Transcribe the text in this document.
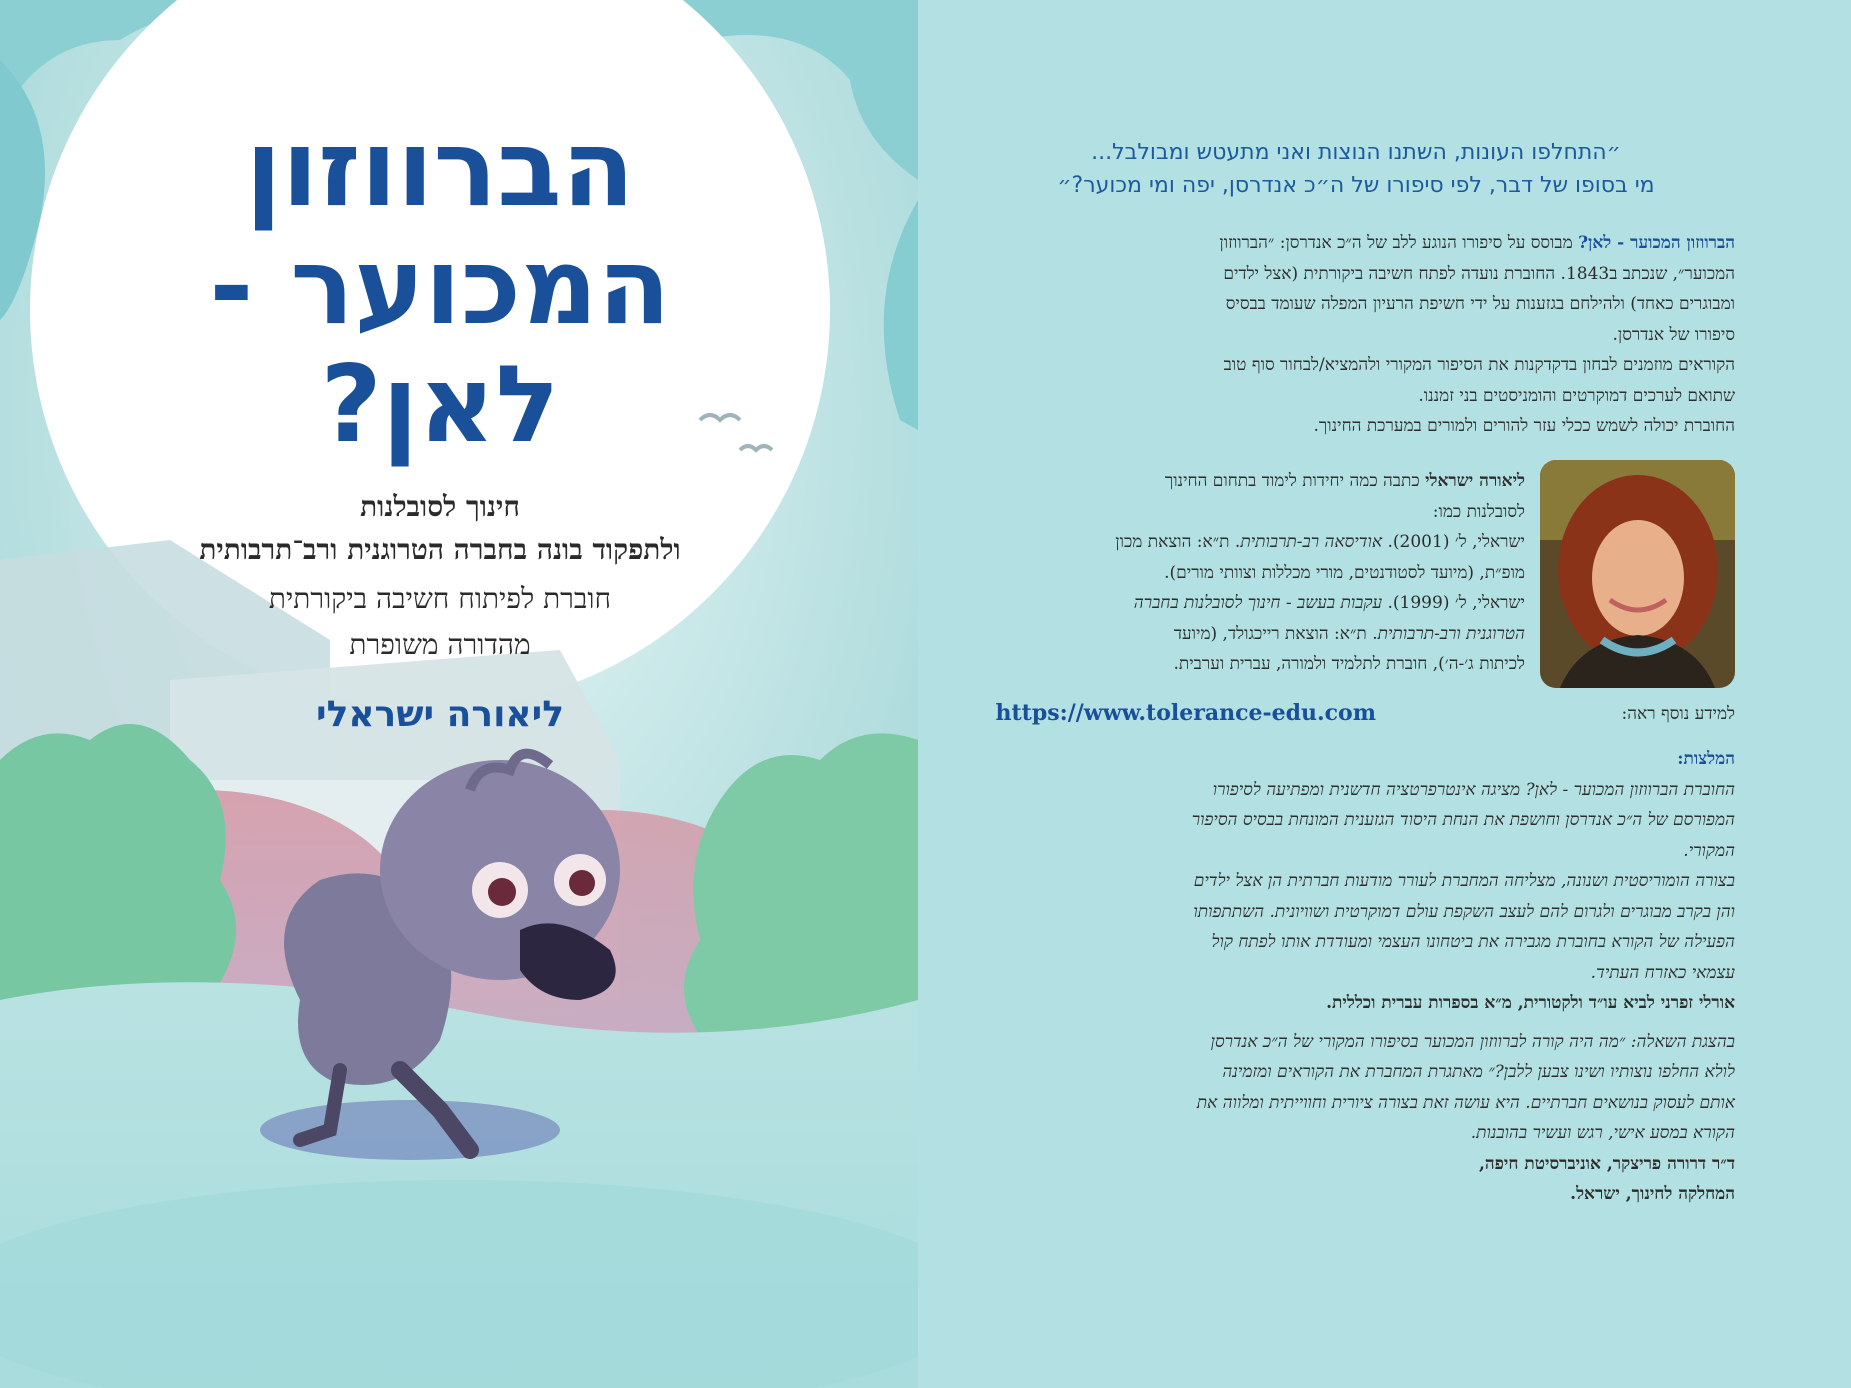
הברווזון
המכוער -
לאן?
חינוך לסובלנות
ולתפקוד בונה בחברה הטרוגנית ורב־תרבותית
חוברת לפיתוח חשיבה ביקורתית
מהדורה משופרת
ליאורה ישראלי
״התחלפו העונות, השתנו הנוצות ואני מתעטש ומבולבל...
מי בסופו של דבר, לפי סיפורו של ה״כ אנדרסן, יפה ומי מכוער?״
הברווזון המכוער - לאן? מבוסס על סיפורו הנוגע ללב של ה״כ אנדרסן: ״הברווזון
המכוער״, שנכתב ב1843. החוברת נועדה לפתח חשיבה ביקורתית (אצל ילדים
ומבוגרים כאחד) ולהילחם בגזענות על ידי חשיפת הרעיון המפלה שעומד בבסיס
סיפורו של אנדרסן.
הקוראים מוזמנים לבחון בדקדקנות את הסיפור המקורי ולהמציא/לבחור סוף טוב
שתואם לערכים דמוקרטים והומניסטים בני זמננו.
החוברת יכולה לשמש ככלי עזר להורים ולמורים במערכת החינוך.
ליאורה ישראלי כתבה כמה יחידות לימוד בתחום החינוך
לסובלנות כמו:
ישראלי, ל׳ (2001). אודיסאה רב-תרבותית. ת״א: הוצאת מכון
מופ״ת, (מיועד לסטודנטים, מורי מכללות וצוותי מורים).
ישראלי, ל׳ (1999). עקבות בעשב - חינוך לסובלנות בחברה
הטרוגנית ורב-תרבותית. ת״א: הוצאת רייכגולד, (מיועד
לכיתות ג׳-ה׳), חוברת לתלמיד ולמורה, עברית וערבית.
למידע נוסף ראה:
https://www.tolerance-edu.com
המלצות:
החוברת הברווזון המכוער - לאן? מציגה אינטרפרטציה חדשנית ומפתיעה לסיפורו
המפורסם של ה״כ אנדרסן וחושפת את הנחת היסוד הגזענית המונחת בבסיס הסיפור
המקורי.
בצורה הומוריסטית ושנונה, מצליחה המחברת לעורר מודעות חברתית הן אצל ילדים
והן בקרב מבוגרים ולגרום להם לעצב השקפת עולם דמוקרטית ושוויונית. השתתפותו
הפעילה של הקורא בחוברת מגבירה את ביטחונו העצמי ומעודדת אותו לפתח קול
עצמאי כאזרח העתיד.
אורלי זפרני לביא עו״ד ולקטורית, מ״א בספרות עברית וכללית.
בהצגת השאלה: ״מה היה קורה לברווזון המכוער בסיפורו המקורי של ה״כ אנדרסן
לולא החלפו נוצותיו ושינו צבען ללבן?״ מאתגרת המחברת את הקוראים ומזמינה
אותם לעסוק בנושאים חברתיים. היא עושה זאת בצורה ציורית וחווייתית ומלווה את
הקורא במסע אישי, רגש ועשיר בהובנות.
ד״ר דרורה פריצקר, אוניברסיטת חיפה,
המחלקה לחינוך, ישראל.
